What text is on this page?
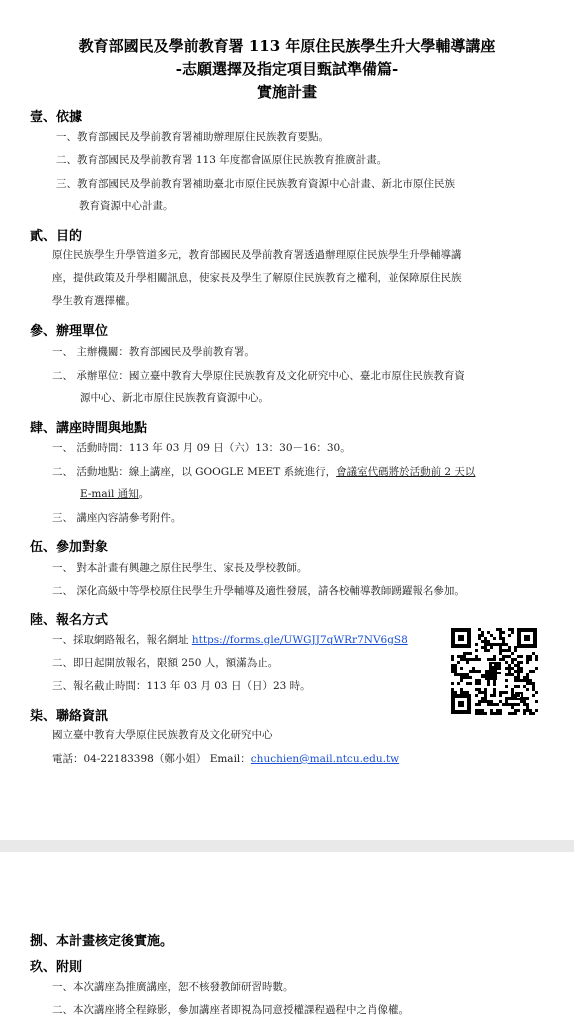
教育部國民及學前教育署 113 年原住民族學生升大學輔導講座
-志願選擇及指定項目甄試準備篇-
實施計畫
壹、依據
一、教育部國民及學前教育署補助辦理原住民族教育要點。
二、教育部國民及學前教育署 113 年度都會區原住民族教育推廣計畫。
三、教育部國民及學前教育署補助臺北市原住民族教育資源中心計畫、新北市原住民族
教育資源中心計畫。
貳、目的
原住民族學生升學管道多元，教育部國民及學前教育署透過辦理原住民族學生升學輔導講
座，提供政策及升學相關訊息，使家長及學生了解原住民族教育之權利，並保障原住民族
學生教育選擇權。
參、辦理單位
一、 主辦機關：教育部國民及學前教育署。
二、 承辦單位：國立臺中教育大學原住民族教育及文化研究中心、臺北市原住民族教育資
源中心、新北市原住民族教育資源中心。
肆、講座時間與地點
一、 活動時間：113 年 03 月 09 日（六）13：30－16：30。
二、 活動地點：線上講座，以 GOOGLE MEET 系統進行，會議室代碼將於活動前 2 天以
E-mail 通知。
三、 講座內容請參考附件。
伍、參加對象
一、 對本計畫有興趣之原住民學生、家長及學校教師。
二、 深化高級中等學校原住民學生升學輔導及適性發展，請各校輔導教師踴躍報名參加。
陸、報名方式
一、採取網路報名，報名網址 https://forms.gle/UWGJJ7qWRr7NV6gS8
二、即日起開放報名，限額 250 人，額滿為止。
三、報名截止時間：113 年 03 月 03 日（日）23 時。
柒、聯絡資訊
國立臺中教育大學原住民族教育及文化研究中心
電話：04-22183398（鄭小姐） Email：chuchien@mail.ntcu.edu.tw
捌、本計畫核定後實施。
玖、附則
一、本次講座為推廣講座，恕不核發教師研習時數。
二、本次講座將全程錄影，參加講座者即視為同意授權課程過程中之肖像權。
